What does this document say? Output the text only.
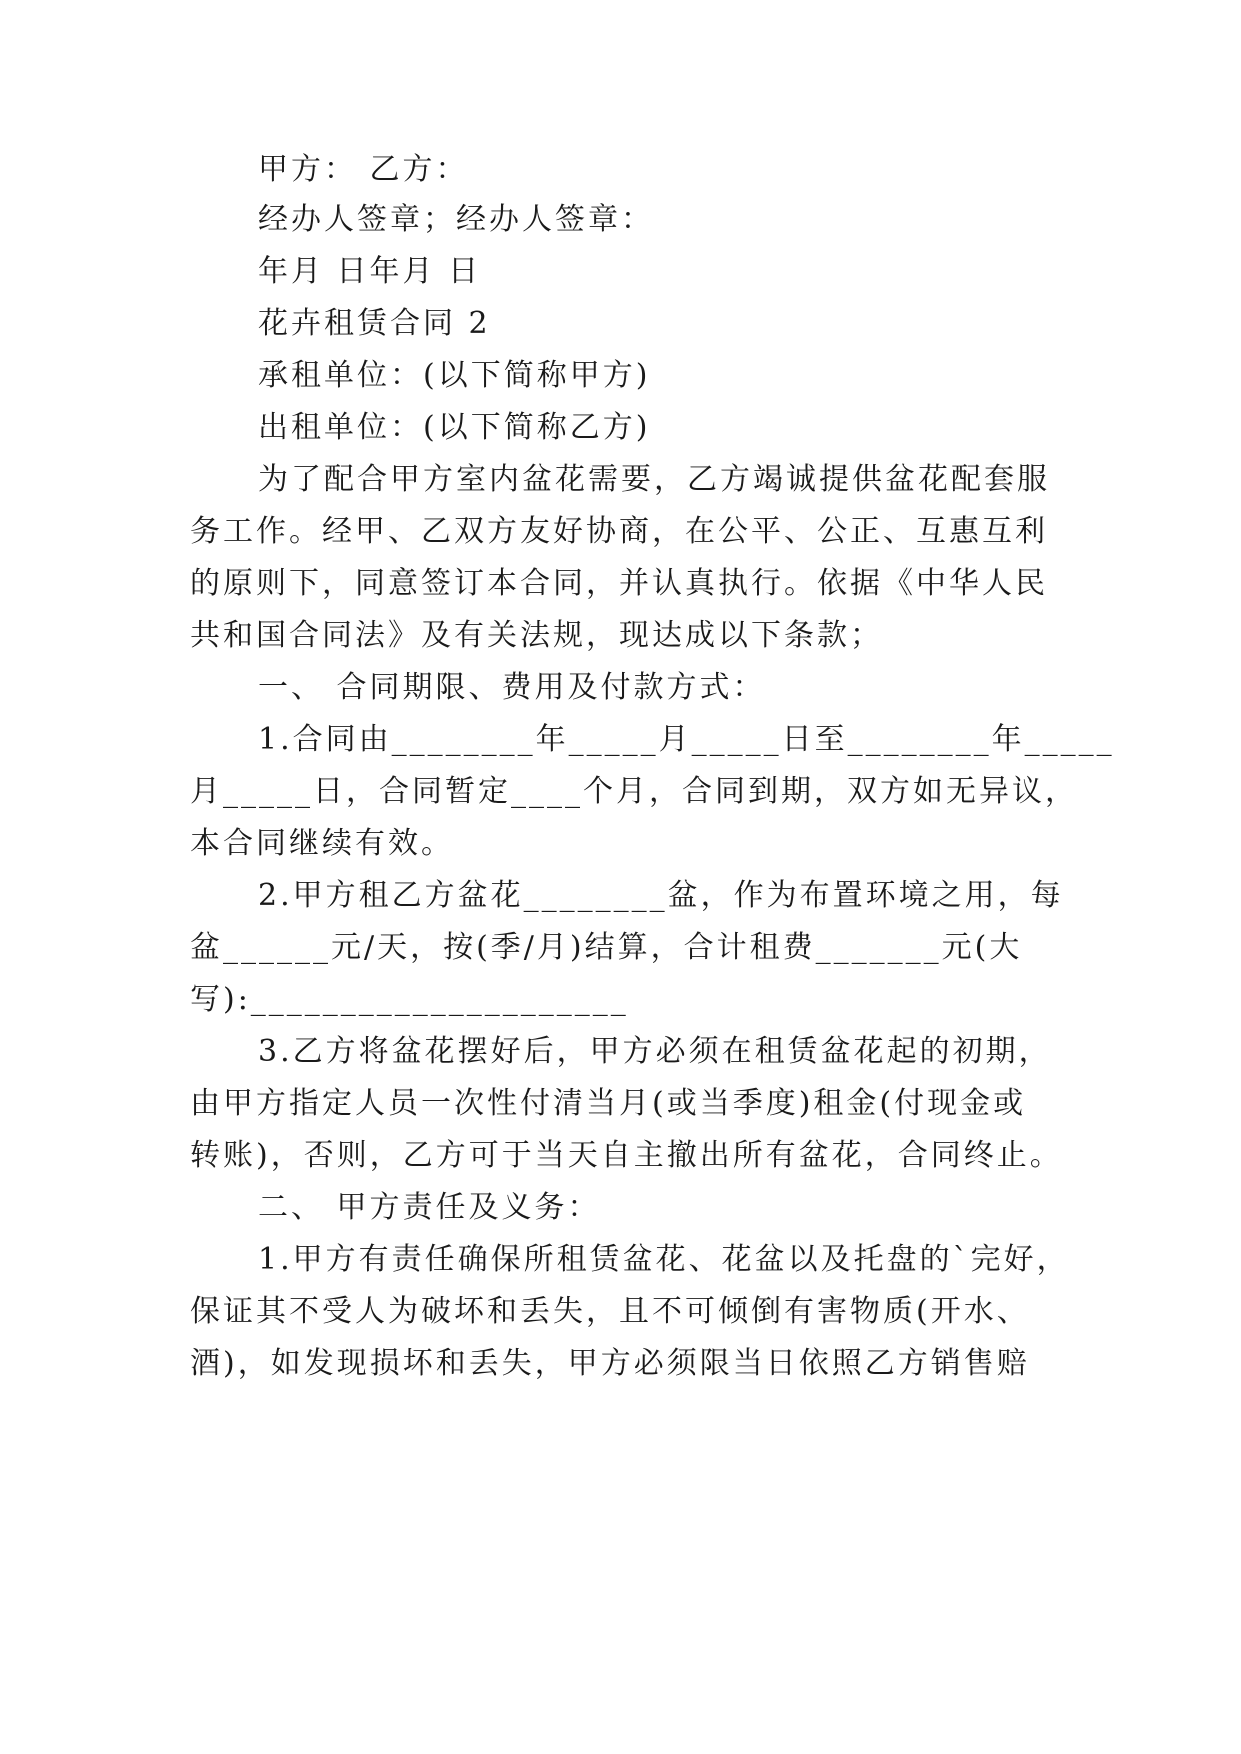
甲方： 乙方：
经办人签章；经办人签章：
年月 日年月 日
花卉租赁合同 2
承租单位：(以下简称甲方)
出租单位：(以下简称乙方)
为了配合甲方室内盆花需要，乙方竭诚提供盆花配套服
务工作。经甲、乙双方友好协商，在公平、公正、互惠互利
的原则下，同意签订本合同，并认真执行。依据《中华人民
共和国合同法》及有关法规，现达成以下条款；
一、 合同期限、费用及付款方式：
1.合同由________年_____月_____日至________年_____
月_____日，合同暂定____个月，合同到期，双方如无异议，
本合同继续有效。
2.甲方租乙方盆花________盆，作为布置环境之用，每
盆______元/天，按(季/月)结算，合计租费_______元(大
写):_____________________
3.乙方将盆花摆好后，甲方必须在租赁盆花起的初期，
由甲方指定人员一次性付清当月(或当季度)租金(付现金或
转账)，否则，乙方可于当天自主撤出所有盆花，合同终止。
二、 甲方责任及义务：
1.甲方有责任确保所租赁盆花、花盆以及托盘的`完好，
保证其不受人为破坏和丢失，且不可倾倒有害物质(开水、
酒)，如发现损坏和丢失，甲方必须限当日依照乙方销售赔
